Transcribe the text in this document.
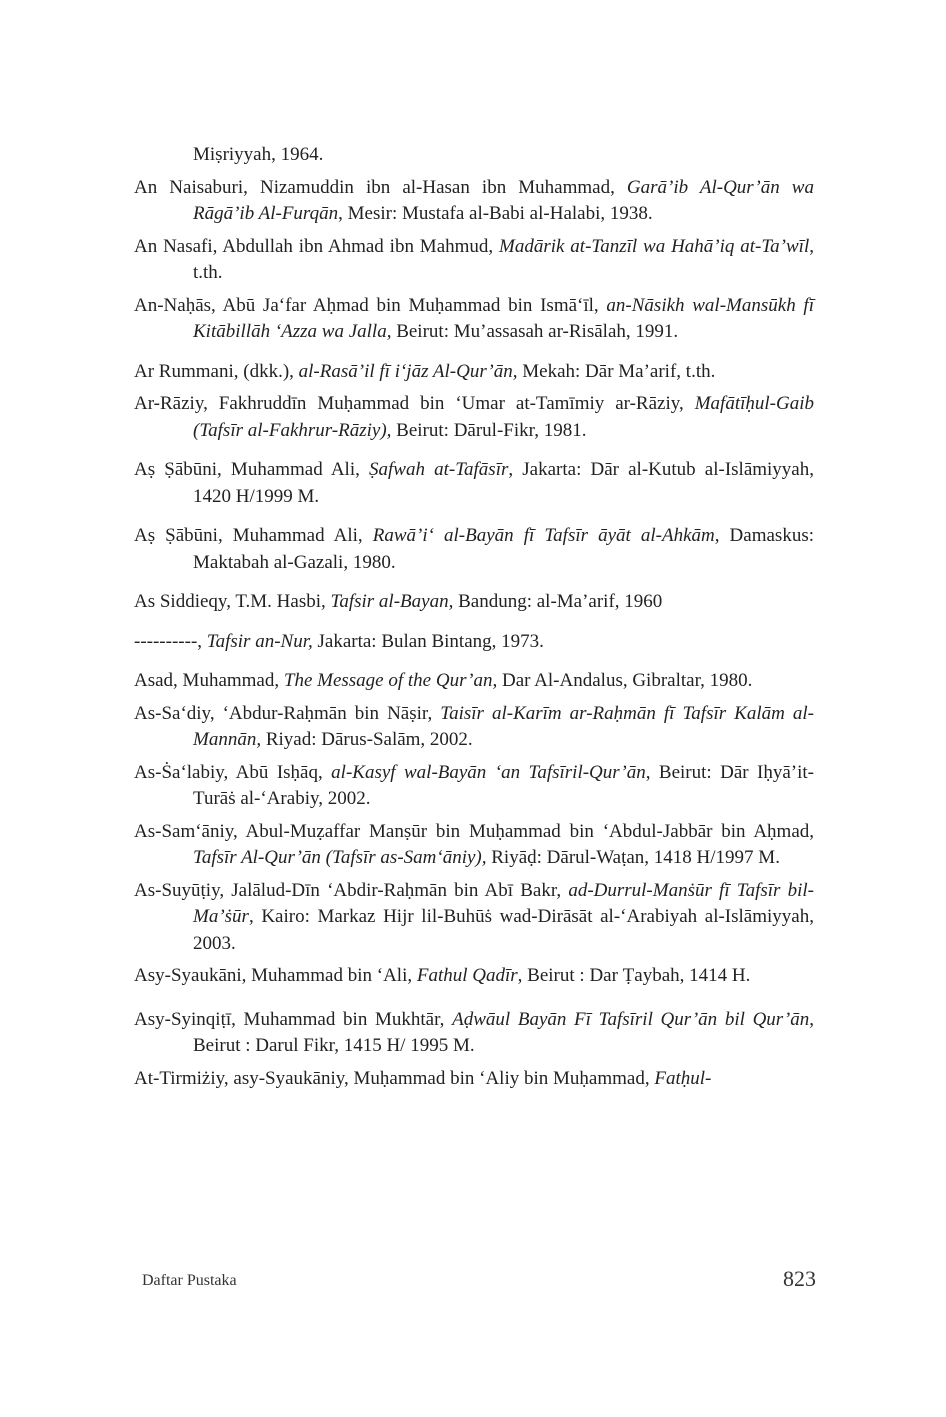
Miṣriyyah, 1964.

An Naisaburi, Nizamuddin ibn al-Hasan ibn Muhammad, Garā’ib Al-Qur’ān wa Rāgā’ib Al-Furqān, Mesir: Mustafa al-Babi al-Halabi, 1938.

An Nasafi, Abdullah ibn Ahmad ibn Mahmud, Madārik at-Tanzīl wa Hahā’iq at-Ta’wīl, t.th.

An-Naḥās, Abū Ja‘far Aḥmad bin Muḥammad bin Ismā‘īl, an-Nāsikh wal-Mansūkh fī Kitābillāh ‘Azza wa Jalla, Beirut: Mu’assasah ar-Risālah, 1991.

Ar Rummani, (dkk.), al-Rasā’il fī i‘jāz Al-Qur’ān, Mekah: Dār Ma’arif, t.th.

Ar-Rāziy, Fakhruddīn Muḥammad bin ‘Umar at-Tamīmiy ar-Rāziy, Mafātīḥul-Gaib (Tafsīr al-Fakhrur-Rāziy), Beirut: Dārul-Fikr, 1981.

Aṣ Ṣābūni, Muhammad Ali, Ṣafwah at-Tafāsīr, Jakarta: Dār al-Kutub al-Islāmiyyah, 1420 H/1999 M.

Aṣ Ṣābūni, Muhammad Ali, Rawā’i‘ al-Bayān fī Tafsīr āyāt al-Ahkām, Damaskus: Maktabah al-Gazali, 1980.

As Siddieqy, T.M. Hasbi, Tafsir al-Bayan, Bandung: al-Ma’arif, 1960

----------, Tafsir an-Nur, Jakarta: Bulan Bintang, 1973.

Asad, Muhammad, The Message of the Qur’an, Dar Al-Andalus, Gibraltar, 1980.

As-Sa‘diy, ‘Abdur-Raḥmān bin Nāṣir, Taisīr al-Karīm ar-Raḥmān fī Tafsīr Kalām al-Mannān, Riyad: Dārus-Salām, 2002.

As-Ṡa‘labiy, Abū Isḥāq, al-Kasyf wal-Bayān ‘an Tafsīril-Qur’ān, Beirut: Dār Iḥyā’it-Turāṡ al-‘Arabiy, 2002.

As-Sam‘āniy, Abul-Muẓaffar Manṣūr bin Muḥammad bin ‘Abdul-Jabbār bin Aḥmad, Tafsīr Al-Qur’ān (Tafsīr as-Sam‘āniy), Riyāḍ: Dārul-Waṭan, 1418 H/1997 M.

As-Suyūṭiy, Jalālud-Dīn ‘Abdir-Raḥmān bin Abī Bakr, ad-Durrul-Manṡūr fī Tafsīr bil-Ma’ṡūr, Kairo: Markaz Hijr lil-Buhūṡ wad-Dirāsāt al-‘Arabiyah al-Islāmiyyah, 2003.

Asy-Syaukāni, Muhammad bin ‘Ali, Fathul Qadīr, Beirut : Dar Ṭaybah, 1414 H.

Asy-Syinqiṭī, Muhammad bin Mukhtār, Aḍwāul Bayān Fī Tafsīril Qur’ān bil Qur’ān, Beirut : Darul Fikr, 1415 H/ 1995 M.

At-Tirmiżiy, asy-Syaukāniy, Muḥammad bin ‘Aliy bin Muḥammad, Fatḥul-

Daftar Pustaka	823
